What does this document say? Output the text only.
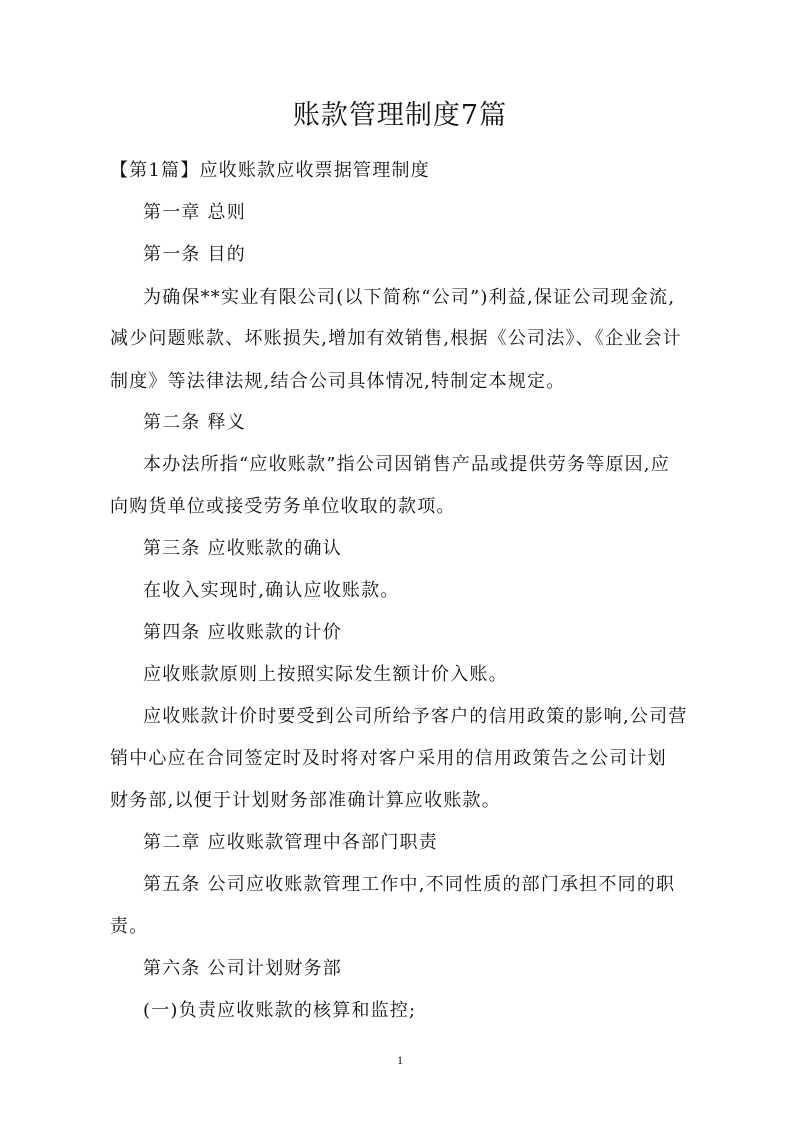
账款管理制度7篇

【第1篇】应收账款应收票据管理制度

第一章 总则

第一条 目的

为确保**实业有限公司(以下简称“公司”)利益,保证公司现金流,

减少问题账款、坏账损失,增加有效销售,根据《公司法》、《企业会计

制度》等法律法规,结合公司具体情况,特制定本规定。

第二条 释义

本办法所指“应收账款”指公司因销售产品或提供劳务等原因,应

向购货单位或接受劳务单位收取的款项。

第三条 应收账款的确认

在收入实现时,确认应收账款。

第四条 应收账款的计价

应收账款原则上按照实际发生额计价入账。

应收账款计价时要受到公司所给予客户的信用政策的影响,公司营

销中心应在合同签定时及时将对客户采用的信用政策告之公司计划

财务部,以便于计划财务部准确计算应收账款。

第二章 应收账款管理中各部门职责

第五条 公司应收账款管理工作中,不同性质的部门承担不同的职

责。

第六条 公司计划财务部

(一)负责应收账款的核算和监控;

1
